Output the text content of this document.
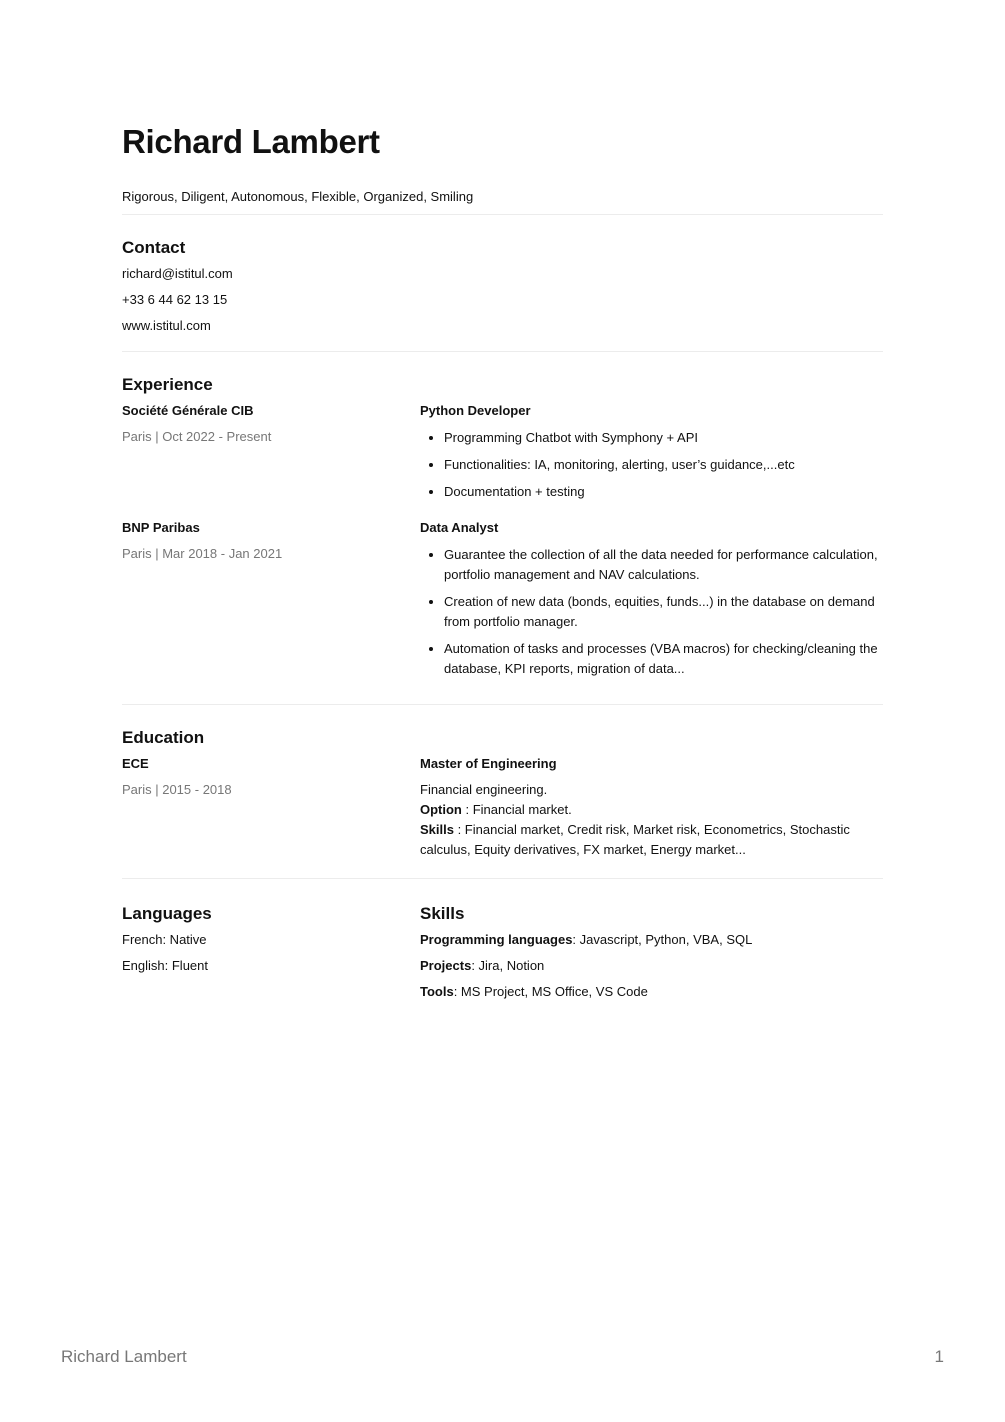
Richard Lambert
Rigorous, Diligent, Autonomous, Flexible, Organized, Smiling
Contact
richard@istitul.com
+33 6 44 62 13 15
www.istitul.com
Experience
Société Générale CIB
Paris | Oct 2022 - Present
Python Developer
• Programming Chatbot with Symphony + API
• Functionalities: IA, monitoring, alerting, user’s guidance,...etc
• Documentation + testing
BNP Paribas
Paris | Mar 2018 - Jan 2021
Data Analyst
• Guarantee the collection of all the data needed for performance calculation, portfolio management and NAV calculations.
• Creation of new data (bonds, equities, funds...) in the database on demand from portfolio manager.
• Automation of tasks and processes (VBA macros) for checking/cleaning the database, KPI reports, migration of data...
Education
ECE
Paris | 2015 - 2018
Master of Engineering
Financial engineering.
Option : Financial market.
Skills : Financial market, Credit risk, Market risk, Econometrics, Stochastic calculus, Equity derivatives, FX market, Energy market...
Languages
French: Native
English: Fluent
Skills
Programming languages: Javascript, Python, VBA, SQL
Projects: Jira, Notion
Tools: MS Project, MS Office, VS Code
Richard Lambert	1
